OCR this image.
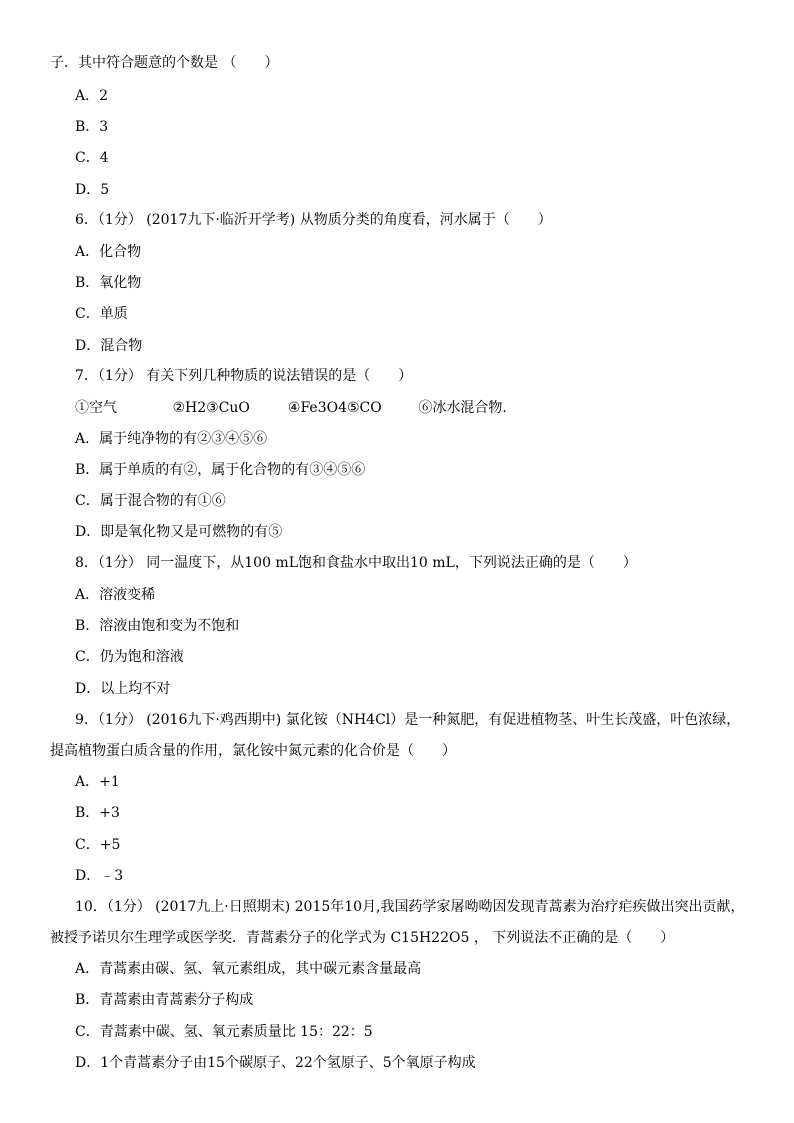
子．其中符合题意的个数是 （　　）
A．2
B．3
C．4
D．5
6．（1分） (2017九下·临沂开学考) 从物质分类的角度看，河水属于（　　）
A．化合物
B．氧化物
C．单质
D．混合物
7．（1分） 有关下列几种物质的说法错误的是（　　）
①空气	②H2③CuO	④Fe3O4⑤CO	⑥冰水混合物．
A．属于纯净物的有②③④⑤⑥
B．属于单质的有②，属于化合物的有③④⑤⑥
C．属于混合物的有①⑥
D．即是氧化物又是可燃物的有⑤
8．（1分） 同一温度下，从100 mL饱和食盐水中取出10 mL，下列说法正确的是（　　）
A．溶液变稀
B．溶液由饱和变为不饱和
C．仍为饱和溶液
D．以上均不对
9．（1分） (2016九下·鸡西期中) 氯化铵（NH4Cl）是一种氮肥，有促进植物茎、叶生长茂盛，叶色浓绿，
提高植物蛋白质含量的作用，氯化铵中氮元素的化合价是（　　）
A．+1
B．+3
C．+5
D．﹣3
10．（1分） (2017九上·日照期末) 2015年10月,我国药学家屠呦呦因发现青蒿素为治疗疟疾做出突出贡献，
被授予诺贝尔生理学或医学奖．青蒿素分子的化学式为 C15H22O5 ， 下列说法不正确的是（　　）
A．青蒿素由碳、氢、氧元素组成，其中碳元素含量最高
B．青蒿素由青蒿素分子构成
C．青蒿素中碳、氢、氧元素质量比 15：22：5
D．1个青蒿素分子由15个碳原子、22个氢原子、5个氧原子构成
